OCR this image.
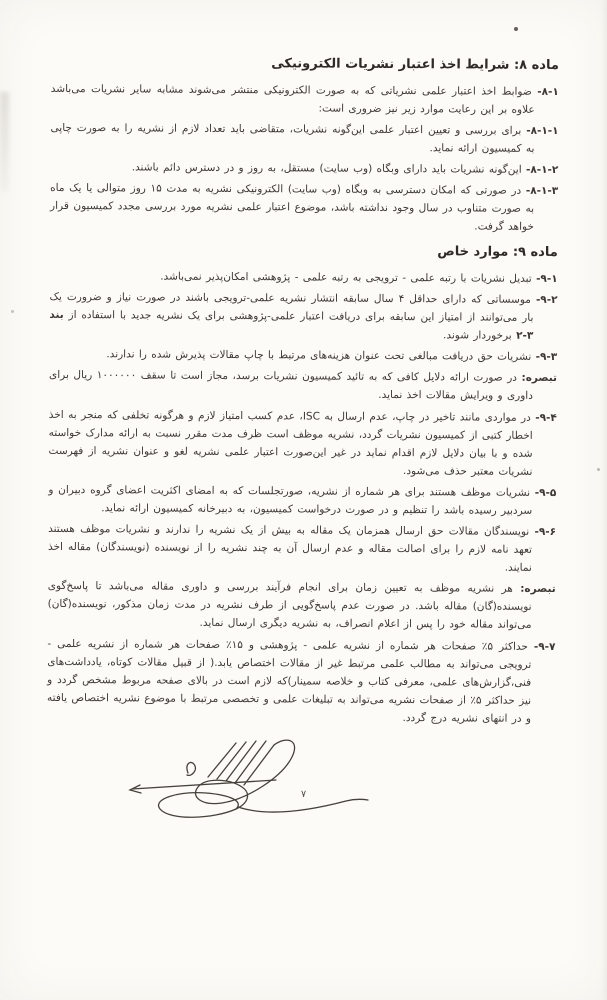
ماده ۸: شرایط اخذ اعتبار نشریات الکترونیکی

۸-۱- ضوابط اخذ اعتبار علمی نشریاتی که به صورت الکترونیکی منتشر می‌شوند مشابه سایر نشریات می‌باشد علاوه بر این رعایت موارد زیر نیز ضروری است:

۸-۱-۱- برای بررسی و تعیین اعتبار علمی این‌گونه نشریات، متقاضی باید تعداد لازم از نشریه را به صورت چاپی به کمیسیون ارائه نماید.

۸-۱-۲- این‌گونه نشریات باید دارای وبگاه (وب سایت) مستقل، به روز و در دسترس دائم باشند.

۸-۱-۳- در صورتی که امکان دسترسی به وبگاه (وب سایت) الکترونیکی نشریه به مدت ۱۵ روز متوالی یا یک ماه به صورت متناوب در سال وجود نداشته باشد، موضوع اعتبار علمی نشریه مورد بررسی مجدد کمیسیون قرار خواهد گرفت.

ماده ۹: موارد خاص

۹-۱- تبدیل نشریات با رتبه علمی - ترویجی به رتبه علمی - پژوهشی امکان‌پذیر نمی‌باشد.

۹-۲- موسساتی که دارای حداقل ۴ سال سابقه انتشار نشریه علمی-ترویجی باشند در صورت نیاز و ضرورت یک بار می‌توانند از امتیاز این سابقه برای دریافت اعتبار علمی-پژوهشی برای یک نشریه جدید با استفاده از بند ۳-۲ برخوردار شوند.

۹-۳- نشریات حق دریافت مبالغی تحت عنوان هزینه‌های مرتبط با چاپ مقالات پذیرش شده را ندارند.

تبصره: در صورت ارائه دلایل کافی که به تائید کمیسیون نشریات برسد، مجاز است تا سقف ۱۰۰۰۰۰۰ ریال برای داوری و ویرایش مقالات اخذ نماید.

۹-۴- در مواردی مانند تاخیر در چاپ، عدم ارسال به ISC، عدم کسب امتیاز لازم و هرگونه تخلفی که منجر به اخذ اخطار کتبی از کمیسیون نشریات گردد، نشریه موظف است ظرف مدت مقرر نسبت به ارائه مدارک خواسته شده و با بیان دلایل لازم اقدام نماید در غیر این‌صورت اعتبار علمی نشریه لغو و عنوان نشریه از فهرست نشریات معتبر حذف می‌شود.

۹-۵- نشریات موظف هستند برای هر شماره از نشریه، صورتجلسات که به امضای اکثریت اعضای گروه دبیران و سردبیر رسیده باشد را تنظیم و در صورت درخواست کمیسیون، به دبیرخانه کمیسیون ارائه نماید.

۹-۶- نویسندگان مقالات حق ارسال همزمان یک مقاله به بیش از یک نشریه را ندارند و نشریات موظف هستند تعهد نامه لازم را برای اصالت مقاله و عدم ارسال آن به چند نشریه را از نویسنده (نویسندگان) مقاله اخذ نمایند.

تبصره: هر نشریه موظف به تعیین زمان برای انجام فرآیند بررسی و داوری مقاله می‌باشد تا پاسخ‌گوی نویسنده(گان) مقاله باشد. در صورت عدم پاسخ‌گویی از طرف نشریه در مدت زمان مذکور، نویسنده(گان) می‌تواند مقاله خود را پس از اعلام انصراف، به نشریه دیگری ارسال نماید.

۹-۷- حداکثر ۵٪ صفحات هر شماره از نشریه علمی - پژوهشی و ۱۵٪ صفحات هر شماره از نشریه علمی - ترویجی می‌تواند به مطالب علمی مرتبط غیر از مقالات اختصاص یابد.( از قبیل مقالات کوتاه، یادداشت‌های فنی،گزارش‌های علمی، معرفی کتاب و خلاصه سمینار)که لازم است در بالای صفحه مربوط مشخص گردد و نیز حداکثر ۵٪ از صفحات نشریه می‌تواند به تبلیغات علمی و تخصصی مرتبط با موضوع نشریه اختصاص یافته و در انتهای نشریه درج گردد.

۷
